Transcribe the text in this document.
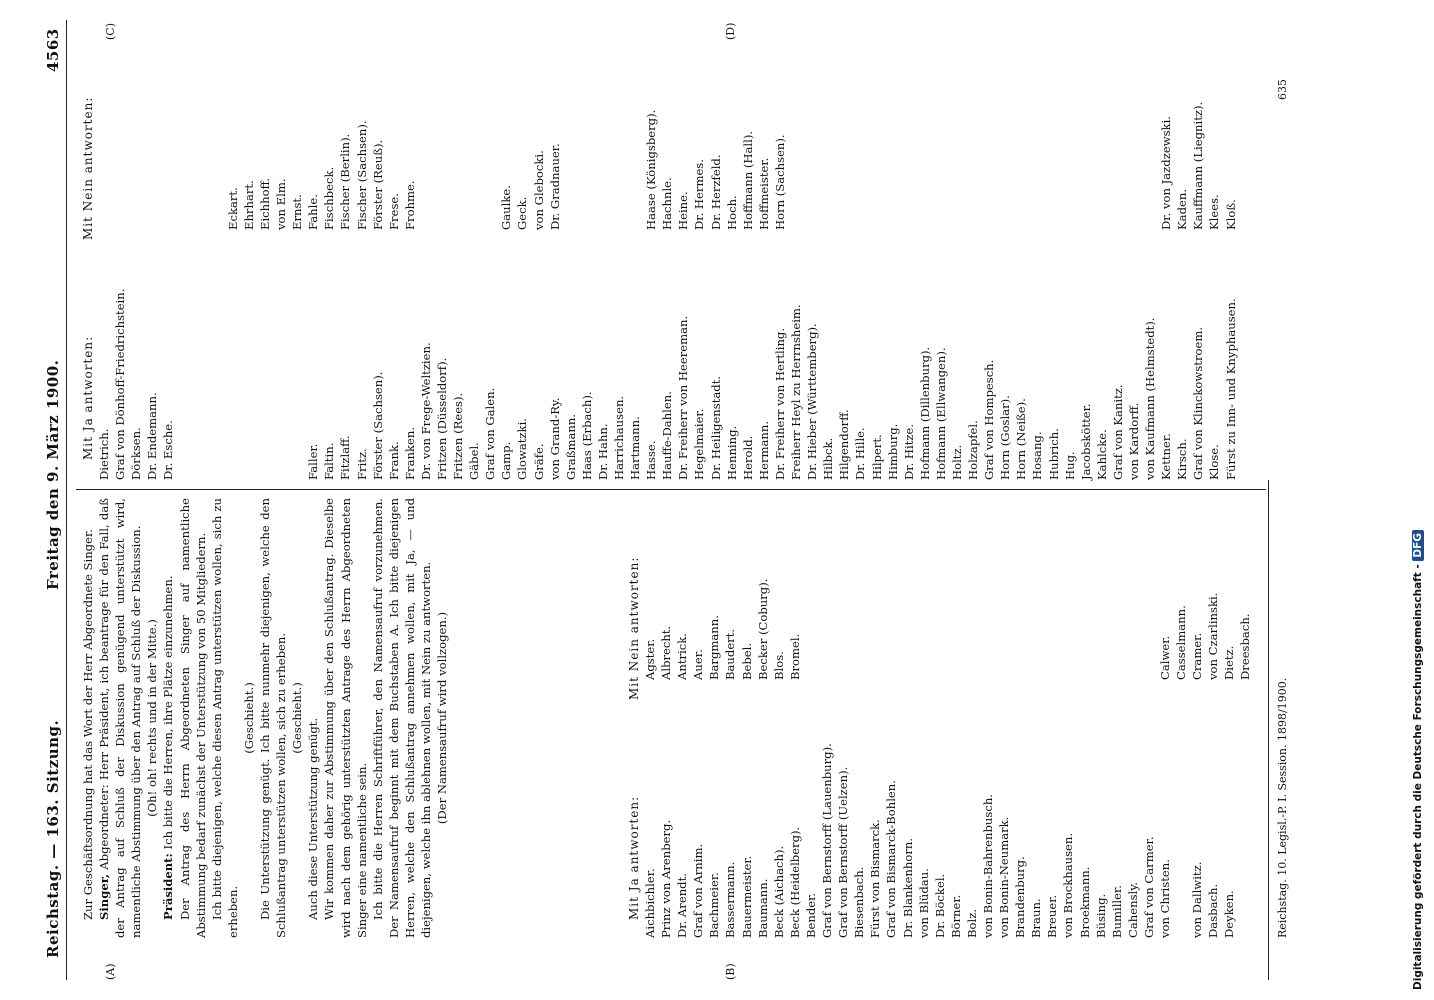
Reichstag. — 163. Sitzung.
Freitag den 9. März 1900.
4563
(A)	(B)
(C)	(D)

Zur Geschäftsordnung hat das Wort der Herr Abgeordnete Singer. Singer, Abgeordneter: Herr Präsident, ich beantrage für den Fall, daß der Antrag auf Schluß der Diskussion genügend unterstützt wird, namentliche Abstimmung über den Antrag auf Schluß der Diskussion. (Oh! oh! rechts und in der Mitte.)

Präsident: Ich bitte die Herren, ihre Plätze einzunehmen. Der Antrag des Herrn Abgeordneten Singer auf namentliche Abstimmung bedarf zunächst der Unterstützung von 50 Mitgliedern. Ich bitte diejenigen, welche diesen Antrag unterstützen wollen, sich zu erheben.

(Geschieht.) Die Unterstützung genügt. Ich bitte nunmehr diejenigen, welche den Schlußantrag unterstützen wollen, sich zu erheben. (Geschieht.) Auch diese Unterstützung genügt. Wir kommen daher zur Abstimmung über den Schlußantrag. Dieselbe wird nach dem gehörig unterstützten Antrage des Herrn Abgeordneten Singer eine namentliche sein. Ich bitte die Herren Schriftführer, den Namensaufruf vorzunehmen. Der Namensaufruf beginnt mit dem Buchstaben A. Ich bitte diejenigen Herren, welche den Schlußantrag annehmen wollen, mit Ja, — und diejenigen, welche ihn ablehnen wollen, mit Nein zu antworten. (Der Namensaufruf wird vollzogen.)

Mit Ja antworten:
Mit Nein antworten:
Aichbichler. Prinz von Arenberg. Dr. Arendt. Graf von Arnim. Bachmeier. Bassermann. Bauermeister. Baumann. Beck (Aichach). Beck (Heidelberg). Bender. Graf von Bernstorff (Lauenburg). Graf von Bernstorff (Uelzen). Biesenbach. Fürst von Bismarck. Graf von Bismarck-Bohlen. Dr. Blankenhorn. von Blüdau. Dr. Böckel. Börner. Bolz. von Bonin-Bahrenbusch. von Bonin-Neumark. Brandenburg. Braun. Breuer. von Brockhausen. Broekmann. Büsing. Bumiller. Cahensly. Graf von Carmer. von Christen. von Dallwitz. Dasbach. Deyken.
Agster. Albrecht. Antrick. Auer. Bargmann. Baudert. Bebel. Becker (Coburg). Blos. Bromel.	Calwer. Casselmann. Cramer. von Czarlinski. Dietz. Dreesbach.
Mit Ja antworten:
Mit Nein antworten:
Dietrich. Graf von Dönhoff-Friedrichstein. Dörksen. Dr. Endemann. Dr. Esche.	Faller. Faltin. Fitzlaff. Fritz. Förster (Sachsen). Frank. Franken. Dr. von Frege-Weltzien. Fritzen (Düsseldorf). Fritzen (Rees). Gäbel. Graf von Galen. Gamp. Glowatzki. Gräfe. von Grand-Ry. Graßmann. Haas (Erbach). Dr. Hahn. Harrichausen. Hartmann. Hasse. Hauffe-Dahlen. Dr. Freiherr von Heereman. Hegelmaier. Dr. Heiligenstadt. Henning. Herold. Hermann. Dr. Freiherr von Hertling. Freiherr Heyl zu Herrnsheim. Dr. Hieber (Württemberg). Hilbck. Hilgendorff. Dr. Hille. Hilpert. Himburg. Dr. Hitze. Hofmann (Dillenburg). Hofmann (Ellwangen). Holtz. Holzapfel. Graf von Hompesch. Horn (Goslar). Horn (Neiße). Hosang. Hubrich. Hug. Jacobskötter. Kahlcke. Graf von Kanitz. von Kardorff. von Kaufmann (Helmstedt). Kettner. Kirsch. Graf von Klinckowstroem. Klose. Fürst zu Inn- und Knyphausen.
Eckart. Ehrhart. Eichhoff. von Elm. Ernst. Fahle. Fischbeck. Fischer (Berlin). Fischer (Sachsen). Förster (Reuß). Frese. Frohme.	Gaulke. Geck. von Glebocki. Dr. Gradnauer.	Haase (Königsberg). Hachnle. Heine. Dr. Hermes. Dr. Herzfeld. Hoch. Hoffmann (Hall). Hoffmeister. Horn (Sachsen).	Dr. von Jazdzewski. Kaden. Kauffmann (Liegnitz). Klees. Kloß.
Reichstag. 10. Legisl.-P. I. Session. 1898/1900.
635
Digitalisierung gefördert durch die Deutsche Forschungsgemeinschaft - DFG
